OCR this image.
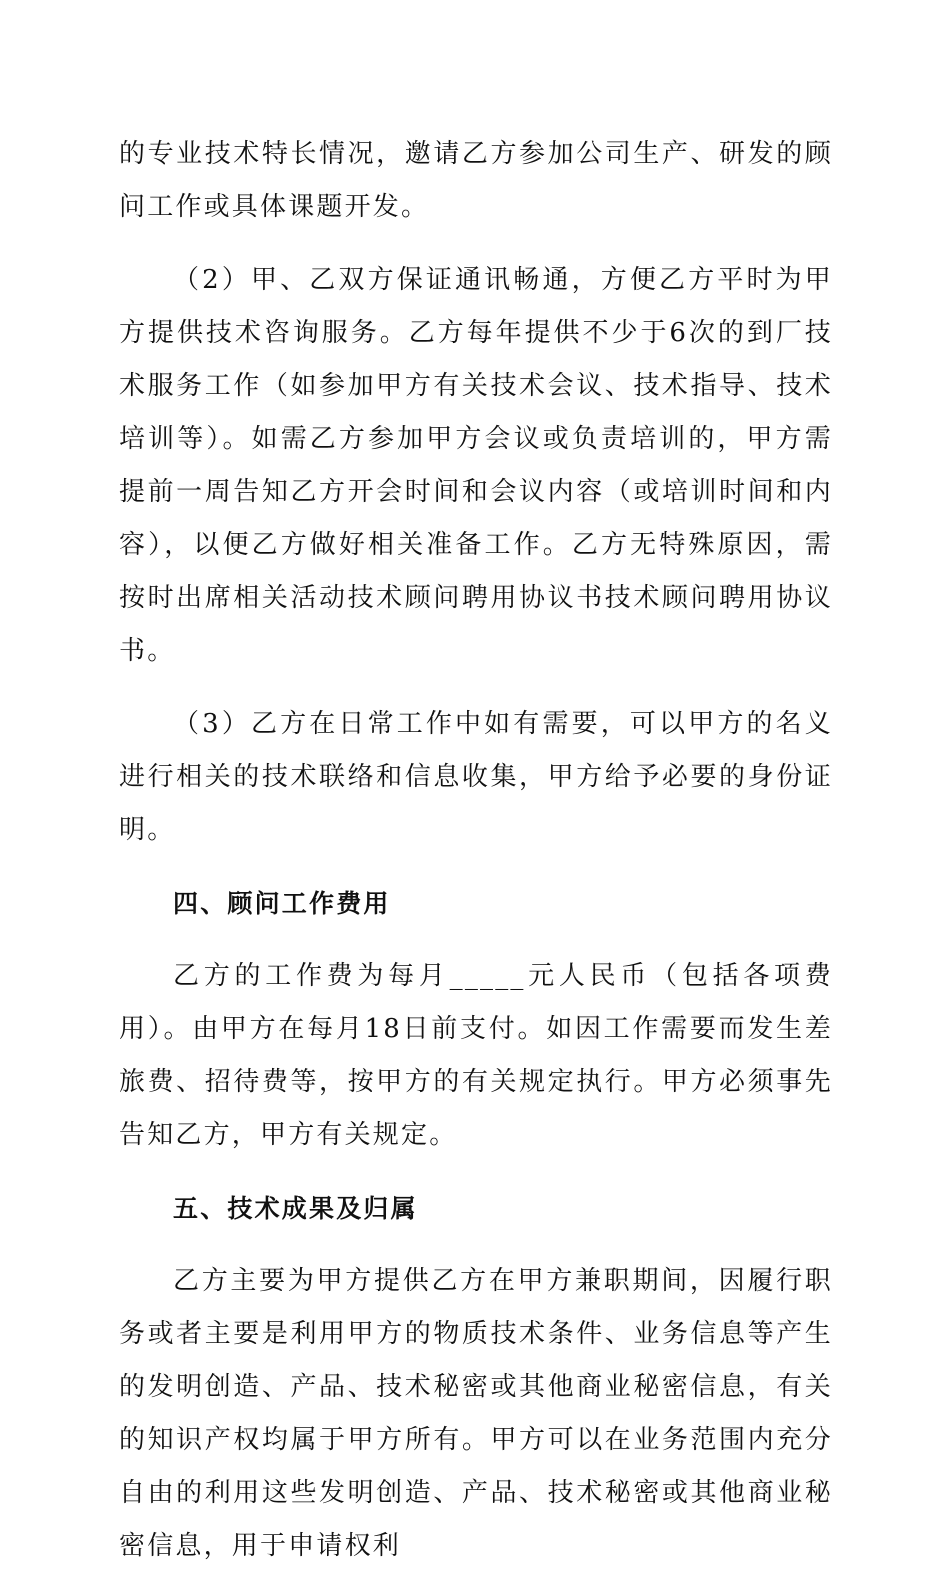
的专业技术特长情况，邀请乙方参加公司生产、研发的顾问工作或具体课题开发。

（2）甲、乙双方保证通讯畅通，方便乙方平时为甲方提供技术咨询服务。乙方每年提供不少于6次的到厂技术服务工作（如参加甲方有关技术会议、技术指导、技术培训等）。如需乙方参加甲方会议或负责培训的，甲方需提前一周告知乙方开会时间和会议内容（或培训时间和内容），以便乙方做好相关准备工作。乙方无特殊原因，需按时出席相关活动技术顾问聘用协议书技术顾问聘用协议书。

（3）乙方在日常工作中如有需要，可以甲方的名义进行相关的技术联络和信息收集，甲方给予必要的身份证明。

四、顾问工作费用

乙方的工作费为每月_____元人民币（包括各项费用）。由甲方在每月18日前支付。如因工作需要而发生差旅费、招待费等，按甲方的有关规定执行。甲方必须事先告知乙方，甲方有关规定。

五、技术成果及归属

乙方主要为甲方提供乙方在甲方兼职期间，因履行职务或者主要是利用甲方的物质技术条件、业务信息等产生的发明创造、产品、技术秘密或其他商业秘密信息，有关的知识产权均属于甲方所有。甲方可以在业务范围内充分自由的利用这些发明创造、产品、技术秘密或其他商业秘密信息，用于申请权利
